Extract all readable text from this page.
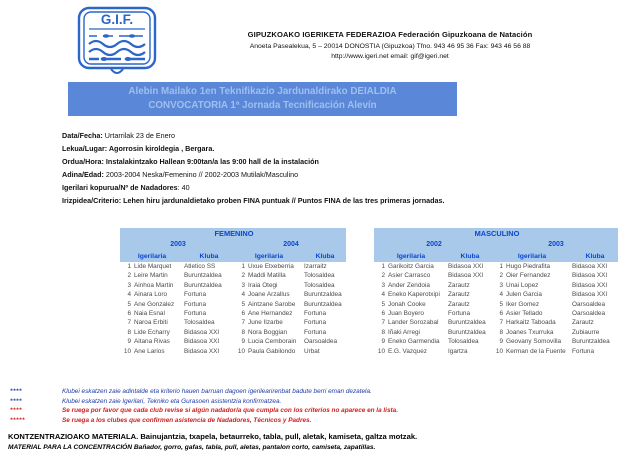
G.I.F.
GIPUZKOAKO IGERIKETA FEDERAZIOA Federación Gipuzkoana de Natación
Anoeta Pasealekua, 5 – 20014 DONOSTIA (Gipuzkoa) Tfno. 943 46 95 36 Fax: 943 46 56 88
http://www.igeri.net email: gif@igeri.net
Alebin Mailako 1en Teknifikazio Jardunaldirako DEIALDIA
CONVOCATORIA 1ª Jornada Tecnificación Alevín
Data/Fecha: Urtarrilak 23 de Enero
Lekua/Lugar: Agorrosin kiroldegia , Bergara.
Ordua/Hora: Instalakintzako Hallean 9:00tan/a las 9:00 hall de la instalación
Adina/Edad: 2003-2004 Neska/Femenino // 2002-2003 Mutilak/Masculino
Igerilari kopurua/Nº de Nadadores: 40
Irizpidea/Criterio: Lehen hiru jardunaldietako proben FINA puntuak // Puntos FINA de las tres primeras jornadas.
FEMENINO			
2003		2004	
Igerilaria	Kluba	Igerilaria	Kluba
1 Lide Marquet	Atletico SS	1 Uxue Etxeberria	Izarraitz
2 Leire Martin	Buruntzaldea	2 Maddi Matilla	Tolosaldea
3 Ainhoa Martin	Buruntzaldea	3 Iraia Otegi	Tolosaldea
4 Ainara Loro	Fortuna	4 Joane Arzallus	Buruntzaldea
5 Ane Gonzalez	Fortuna	5 Aintzane Sarobe	Buruntzaldea
6 Naia Esnal	Fortuna	6 Ane Hernandez	Fortuna
7 Naroa Erbiti	Tolosaldea	7 June Ilzarbe	Fortuna
8 Lide Echarry	Bidasoa XXI	8 Nora Boggian	Fortuna
9 Aitana Rivas	Bidasoa XXI	9 Lucia Cemborain	Oarsoaldea
10 Ane Larios	Bidasoa XXI	10 Paula Gabilondo	Urbat
MASCULINO			
2002		2003	
Igerilaria	Kluba	Igerilaria	Kluba
1 Garikoitz Garcia	Bidasoa XXI	1 Hugo Piedrafita	Bidasoa XXI
2 Asier Carrasco	Bidasoa XXI	2 Oier Fernandez	Bidasoa XXI
3 Ander Zendoia	Zarautz	3 Unai Lopez	Bidasoa XXI
4 Eneko Kaperotxipi	Zarautz	4 Julen Garcia	Bidasoa XXI
5 Jonah Cooke	Zarautz	5 Iker Gomez	Oarsoaldea
6 Juan Boyero	Fortuna	6 Asier Tellado	Oarsoaldea
7 Lander Sorozabal	Buruntzaldea	7 Harkaitz Taboada	Zarautz
8 Iñaki Arregi	Buruntzaldea	8 Joanes Txurruka	Zubiaurre
9 Eneko Garmendia	Tolosaldea	9 Geovany Somovilla	Buruntzaldea
10 E.G. Vazquez	Igartza	10 Kerman de la Fuente	Fortuna
****	Klubei eskatzen zaie adintalde eta kriterio hauen barruan dagoen igerilearirenbat badute berri eman dezatela.
****	Klubei eskatzen zaie Igerilari, Tekniko eta Gurasoen asistentzia konfirmatzea.
****	Se ruega por favor que cada club revise si algún nadador/a que cumpla con los criterios no aparece en la lista.
*****	Se ruega a los clubes que confirmen asistencia de Nadadores, Técnicos y Padres.
KONTZENTRAZIOAKO MATERIALA. Bainujantzia, txapela, betaurreko, tabla, pull, aletak, kamiseta, galtza motzak.
MATERIAL PARA LA CONCENTRACIÓN Bañador, gorro, gafas, tabla, pull, aletas, pantalon corto, camiseta, zapatillas.
